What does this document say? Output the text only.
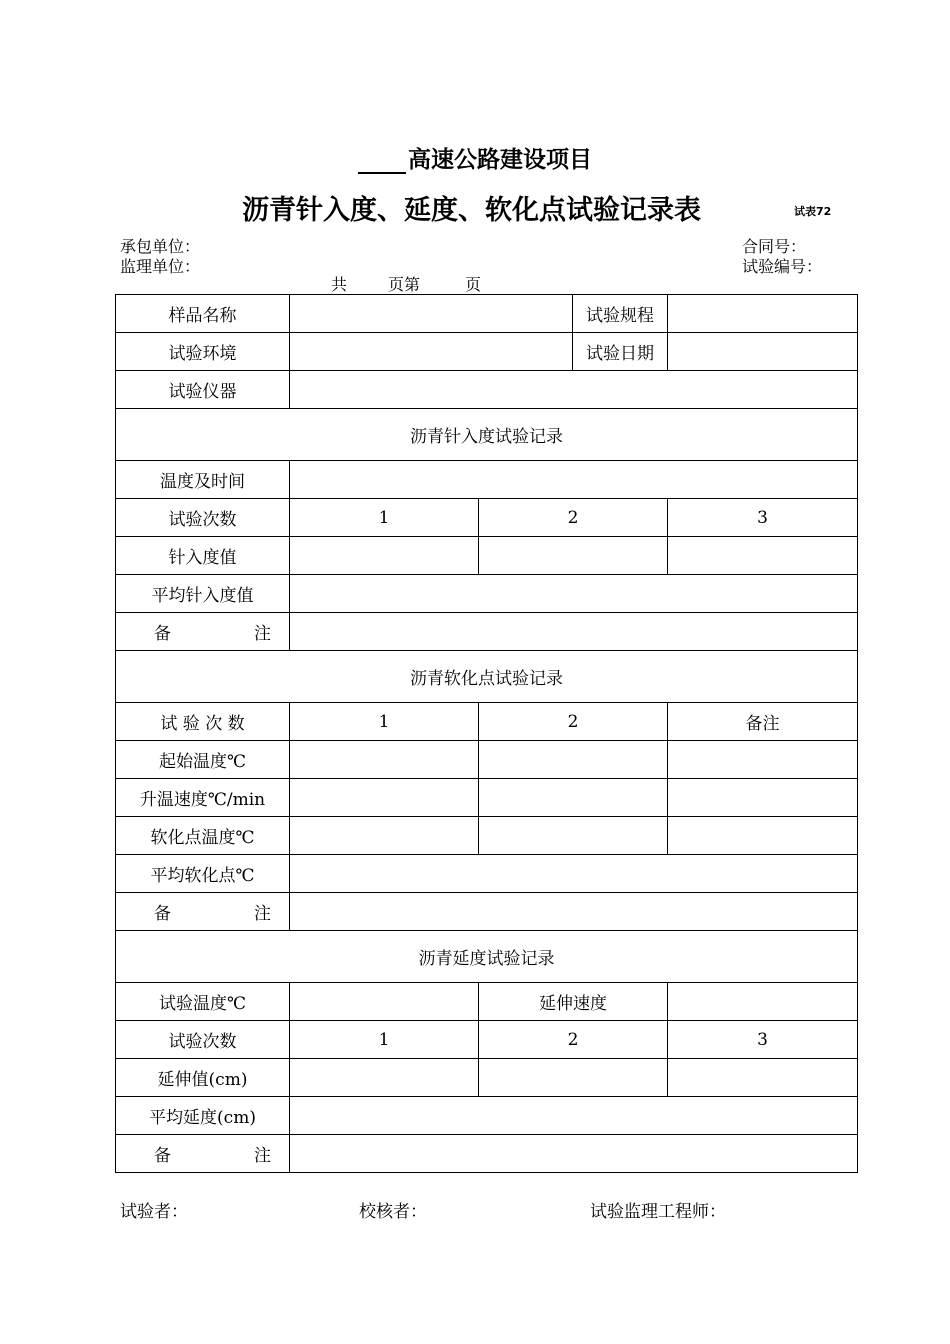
高速公路建设项目
沥青针入度、延度、软化点试验记录表	试表72
承包单位：
监理单位：
合同号：
试验编号：
共	页第	页
样品名称			试验规程	
试验环境			试验日期	
试验仪器				
沥青针入度试验记录				
温度及时间				
试验次数	1	2		3
针入度值				
平均针入度值				

备 注				

沥青软化点试验记录				
试 验 次 数	1	2		备注
起始温度℃				
升温速度℃/min				
软化点温度℃				
平均软化点℃				

备 注				

沥青延度试验记录				
试验温度℃		延伸速度		
试验次数	1	2		3
延伸值(cm)				
平均延度(cm)				

备 注				

试验者：	校核者：	试验监理工程师：
